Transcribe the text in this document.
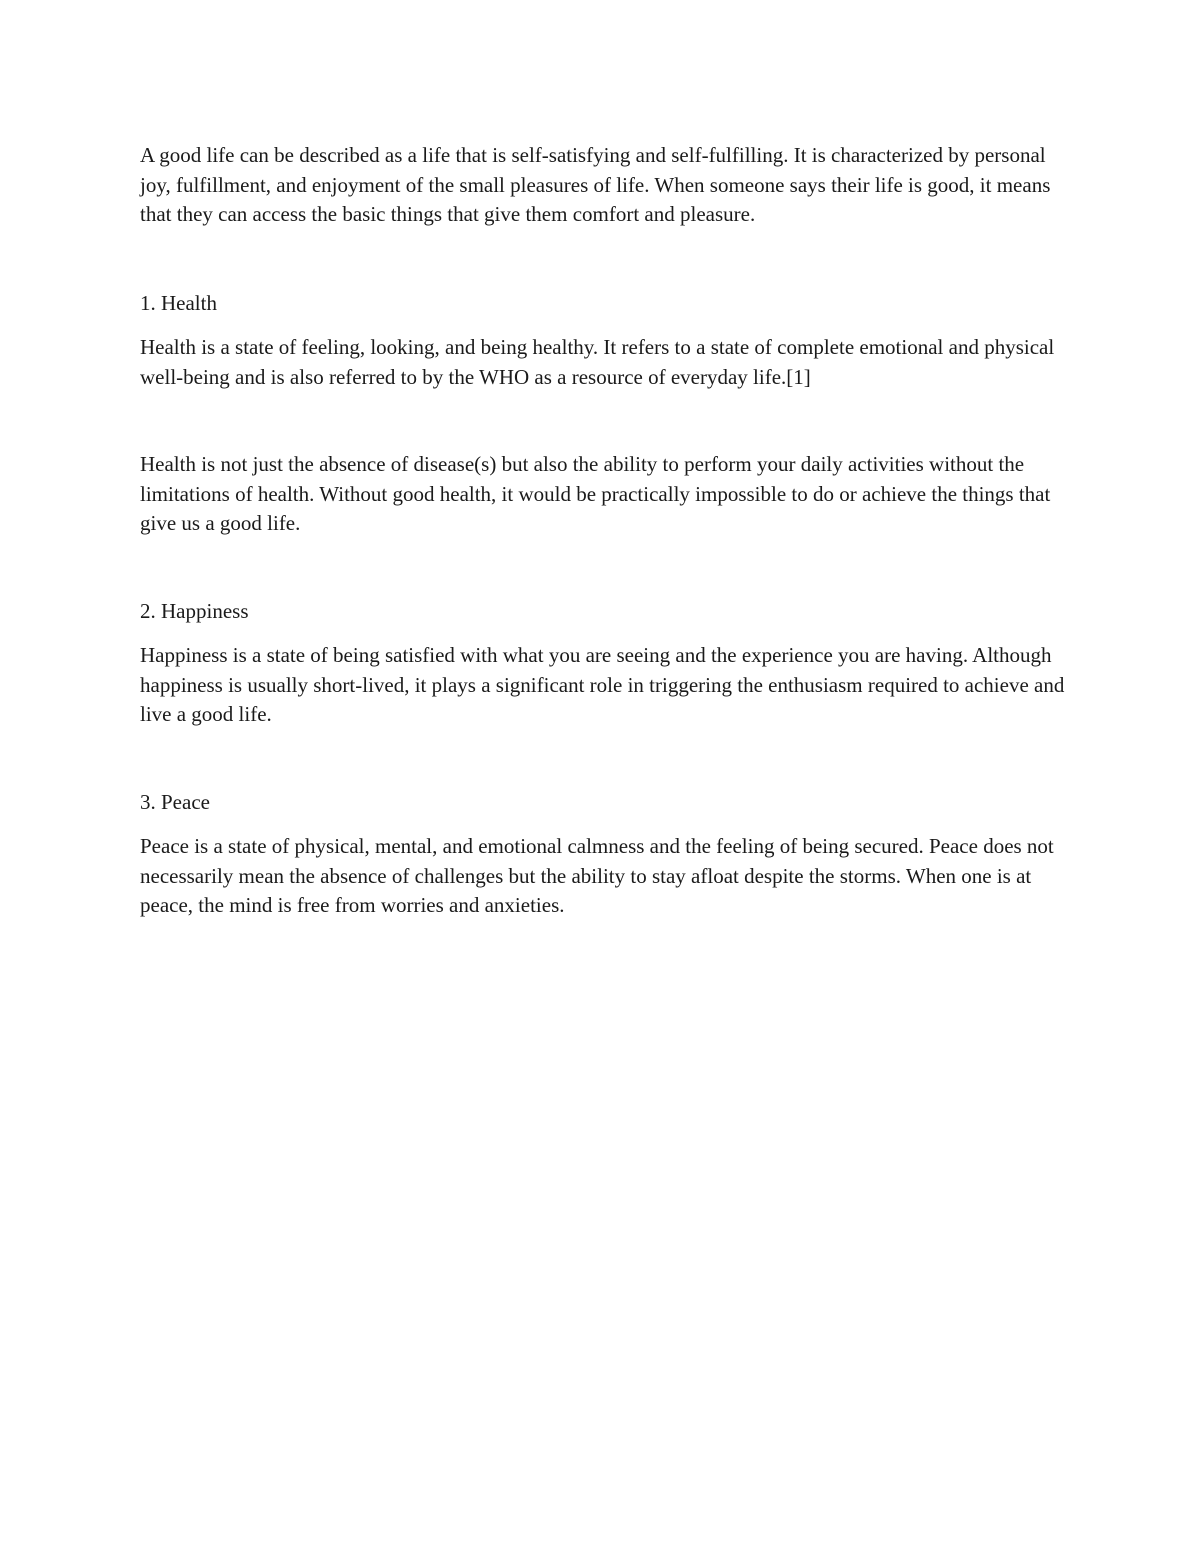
A good life can be described as a life that is self-satisfying and self-fulfilling. It is characterized by personal joy, fulfillment, and enjoyment of the small pleasures of life. When someone says their life is good, it means that they can access the basic things that give them comfort and pleasure.

1. Health

Health is a state of feeling, looking, and being healthy. It refers to a state of complete emotional and physical well-being and is also referred to by the WHO as a resource of everyday life.[1]

Health is not just the absence of disease(s) but also the ability to perform your daily activities without the limitations of health. Without good health, it would be practically impossible to do or achieve the things that give us a good life.

2. Happiness

Happiness is a state of being satisfied with what you are seeing and the experience you are having. Although happiness is usually short-lived, it plays a significant role in triggering the enthusiasm required to achieve and live a good life.

3. Peace

Peace is a state of physical, mental, and emotional calmness and the feeling of being secured. Peace does not necessarily mean the absence of challenges but the ability to stay afloat despite the storms. When one is at peace, the mind is free from worries and anxieties.
